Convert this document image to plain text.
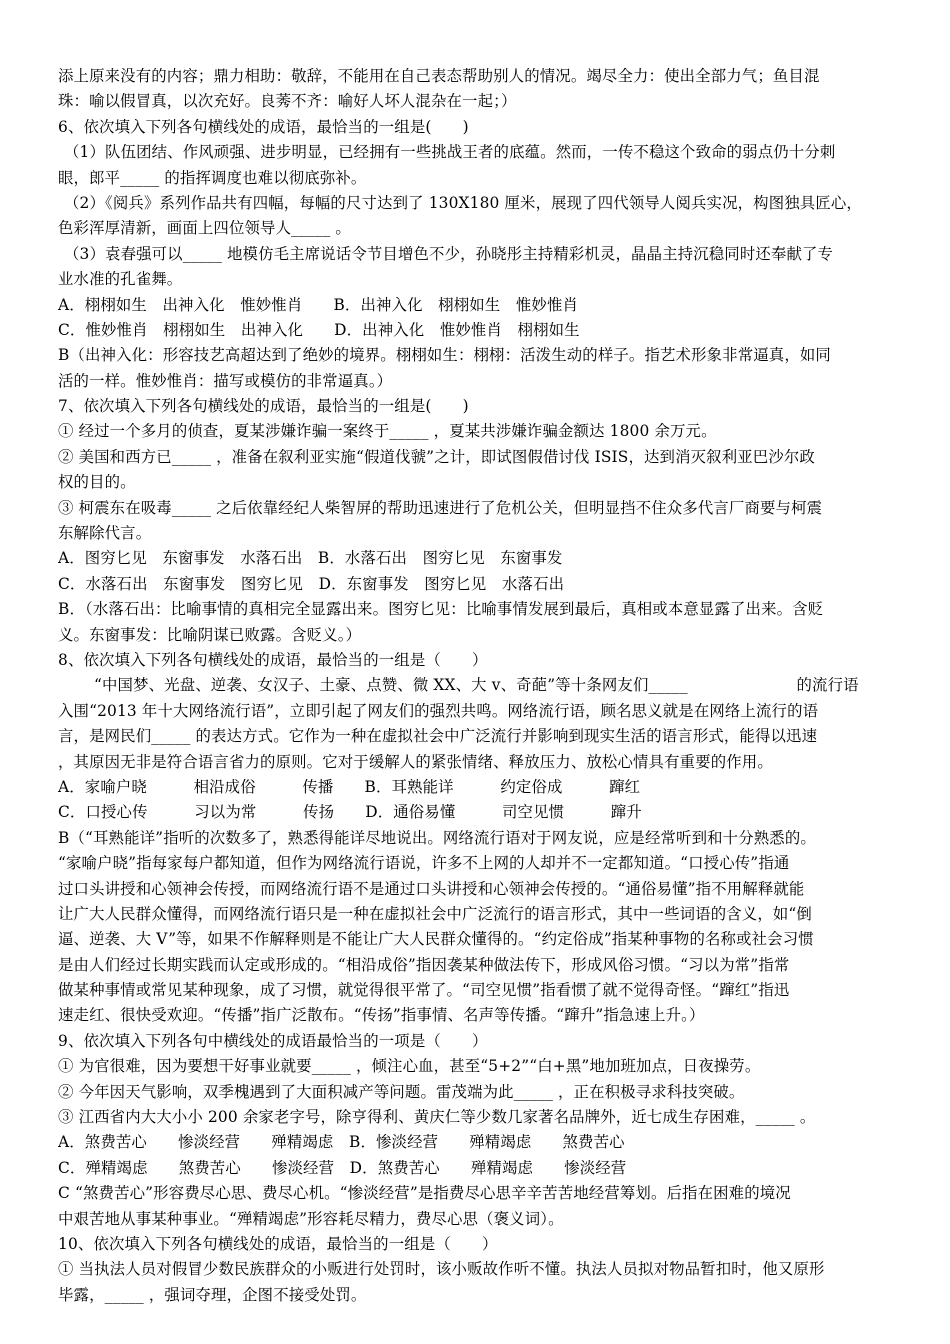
添上原来没有的内容；鼎力相助：敬辞，不能用在自己表态帮助别人的情况。竭尽全力：使出全部力气；鱼目混
珠：喻以假冒真，以次充好。良莠不齐：喻好人坏人混杂在一起；）
6、依次填入下列各句横线处的成语，最恰当的一组是(　　)
（1）队伍团结、作风顽强、进步明显，已经拥有一些挑战王者的底蕴。然而，一传不稳这个致命的弱点仍十分刺
眼，郎平_____ 的指挥调度也难以彻底弥补。
（2）《阅兵》系列作品共有四幅，每幅的尺寸达到了 130X180 厘米，展现了四代领导人阅兵实况，构图独具匠心，
色彩浑厚清新，画面上四位领导人_____ 。
（3）袁春强可以_____ 地模仿毛主席说话令节目增色不少，孙晓彤主持精彩机灵，晶晶主持沉稳同时还奉献了专
业水准的孔雀舞。
A．栩栩如生　出神入化　惟妙惟肖　　B．出神入化　栩栩如生　惟妙惟肖
C．惟妙惟肖　栩栩如生　出神入化　　D．出神入化　惟妙惟肖　栩栩如生
B（出神入化：形容技艺高超达到了绝妙的境界。栩栩如生：栩栩：活泼生动的样子。指艺术形象非常逼真，如同
活的一样。惟妙惟肖：描写或模仿的非常逼真。）
7、依次填入下列各句横线处的成语，最恰当的一组是(　　)
① 经过一个多月的侦查，夏某涉嫌诈骗一案终于_____ ，夏某共涉嫌诈骗金额达 1800 余万元。
② 美国和西方已_____ ，准备在叙利亚实施“假道伐虢”之计，即试图假借讨伐 ISIS，达到消灭叙利亚巴沙尔政
权的目的。
③ 柯震东在吸毒_____ 之后依靠经纪人柴智屏的帮助迅速进行了危机公关，但明显挡不住众多代言厂商要与柯震
东解除代言。
A．图穷匕见　东窗事发　水落石出　B．水落石出　图穷匕见　东窗事发
C．水落石出　东窗事发　图穷匕见　D．东窗事发　图穷匕见　水落石出
B．（水落石出：比喻事情的真相完全显露出来。图穷匕见：比喻事情发展到最后，真相或本意显露了出来。含贬
义。东窗事发：比喻阴谋已败露。含贬义。）
8、依次填入下列各句横线处的成语，最恰当的一组是（　　）
“中国梦、光盘、逆袭、女汉子、土豪、点赞、微 XX、大 v、奇葩”等十条网友们_____　　　　　　　的流行语
入围“2013 年十大网络流行语”，立即引起了网友们的强烈共鸣。网络流行语，顾名思义就是在网络上流行的语
言，是网民们_____ 的表达方式。它作为一种在虚拟社会中广泛流行并影响到现实生活的语言形式，能得以迅速
，其原因无非是符合语言省力的原则。它对于缓解人的紧张情绪、释放压力、放松心情具有重要的作用。
A．家喻户晓　　　相沿成俗　　　传播　　B．耳熟能详　　　约定俗成　　　蹿红
C．口授心传　　　习以为常　　　传扬　　D．通俗易懂　　　司空见惯　　　蹿升
B（“耳熟能详”指听的次数多了，熟悉得能详尽地说出。网络流行语对于网友说，应是经常听到和十分熟悉的。
“家喻户晓”指每家每户都知道，但作为网络流行语说，许多不上网的人却并不一定都知道。“口授心传”指通
过口头讲授和心领神会传授，而网络流行语不是通过口头讲授和心领神会传授的。“通俗易懂”指不用解释就能
让广大人民群众懂得，而网络流行语只是一种在虚拟社会中广泛流行的语言形式，其中一些词语的含义，如“倒
逼、逆袭、大 V”等，如果不作解释则是不能让广大人民群众懂得的。“约定俗成”指某种事物的名称或社会习惯
是由人们经过长期实践而认定或形成的。“相沿成俗”指因袭某种做法传下，形成风俗习惯。“习以为常”指常
做某种事情或常见某种现象，成了习惯，就觉得很平常了。“司空见惯”指看惯了就不觉得奇怪。“蹿红”指迅
速走红、很快受欢迎。“传播”指广泛散布。“传扬”指事情、名声等传播。“蹿升”指急速上升。）
9、依次填入下列各句中横线处的成语最恰当的一项是（　　）
① 为官很难，因为要想干好事业就要_____ ，倾注心血，甚至“5+2”“白+黑”地加班加点，日夜操劳。
② 今年因天气影响，双季槐遇到了大面积减产等问题。雷茂端为此_____ ，正在积极寻求科技突破。
③ 江西省内大大小小 200 余家老字号，除亨得利、黄庆仁等少数几家著名品牌外，近七成生存困难，_____ 。
A．煞费苦心　　惨淡经营　　殚精竭虑　B．惨淡经营　　殚精竭虑　　煞费苦心
C．殚精竭虑　　煞费苦心　　惨淡经营　D．煞费苦心　　殚精竭虑　　惨淡经营
C “煞费苦心”形容费尽心思、费尽心机。“惨淡经营”是指费尽心思辛辛苦苦地经营筹划。后指在困难的境况
中艰苦地从事某种事业。“殚精竭虑”形容耗尽精力，费尽心思（褒义词）。
10、依次填入下列各句横线处的成语，最恰当的一组是（　　）
① 当执法人员对假冒少数民族群众的小贩进行处罚时，该小贩故作听不懂。执法人员拟对物品暂扣时，他又原形
毕露，_____ ，强词夺理，企图不接受处罚。
